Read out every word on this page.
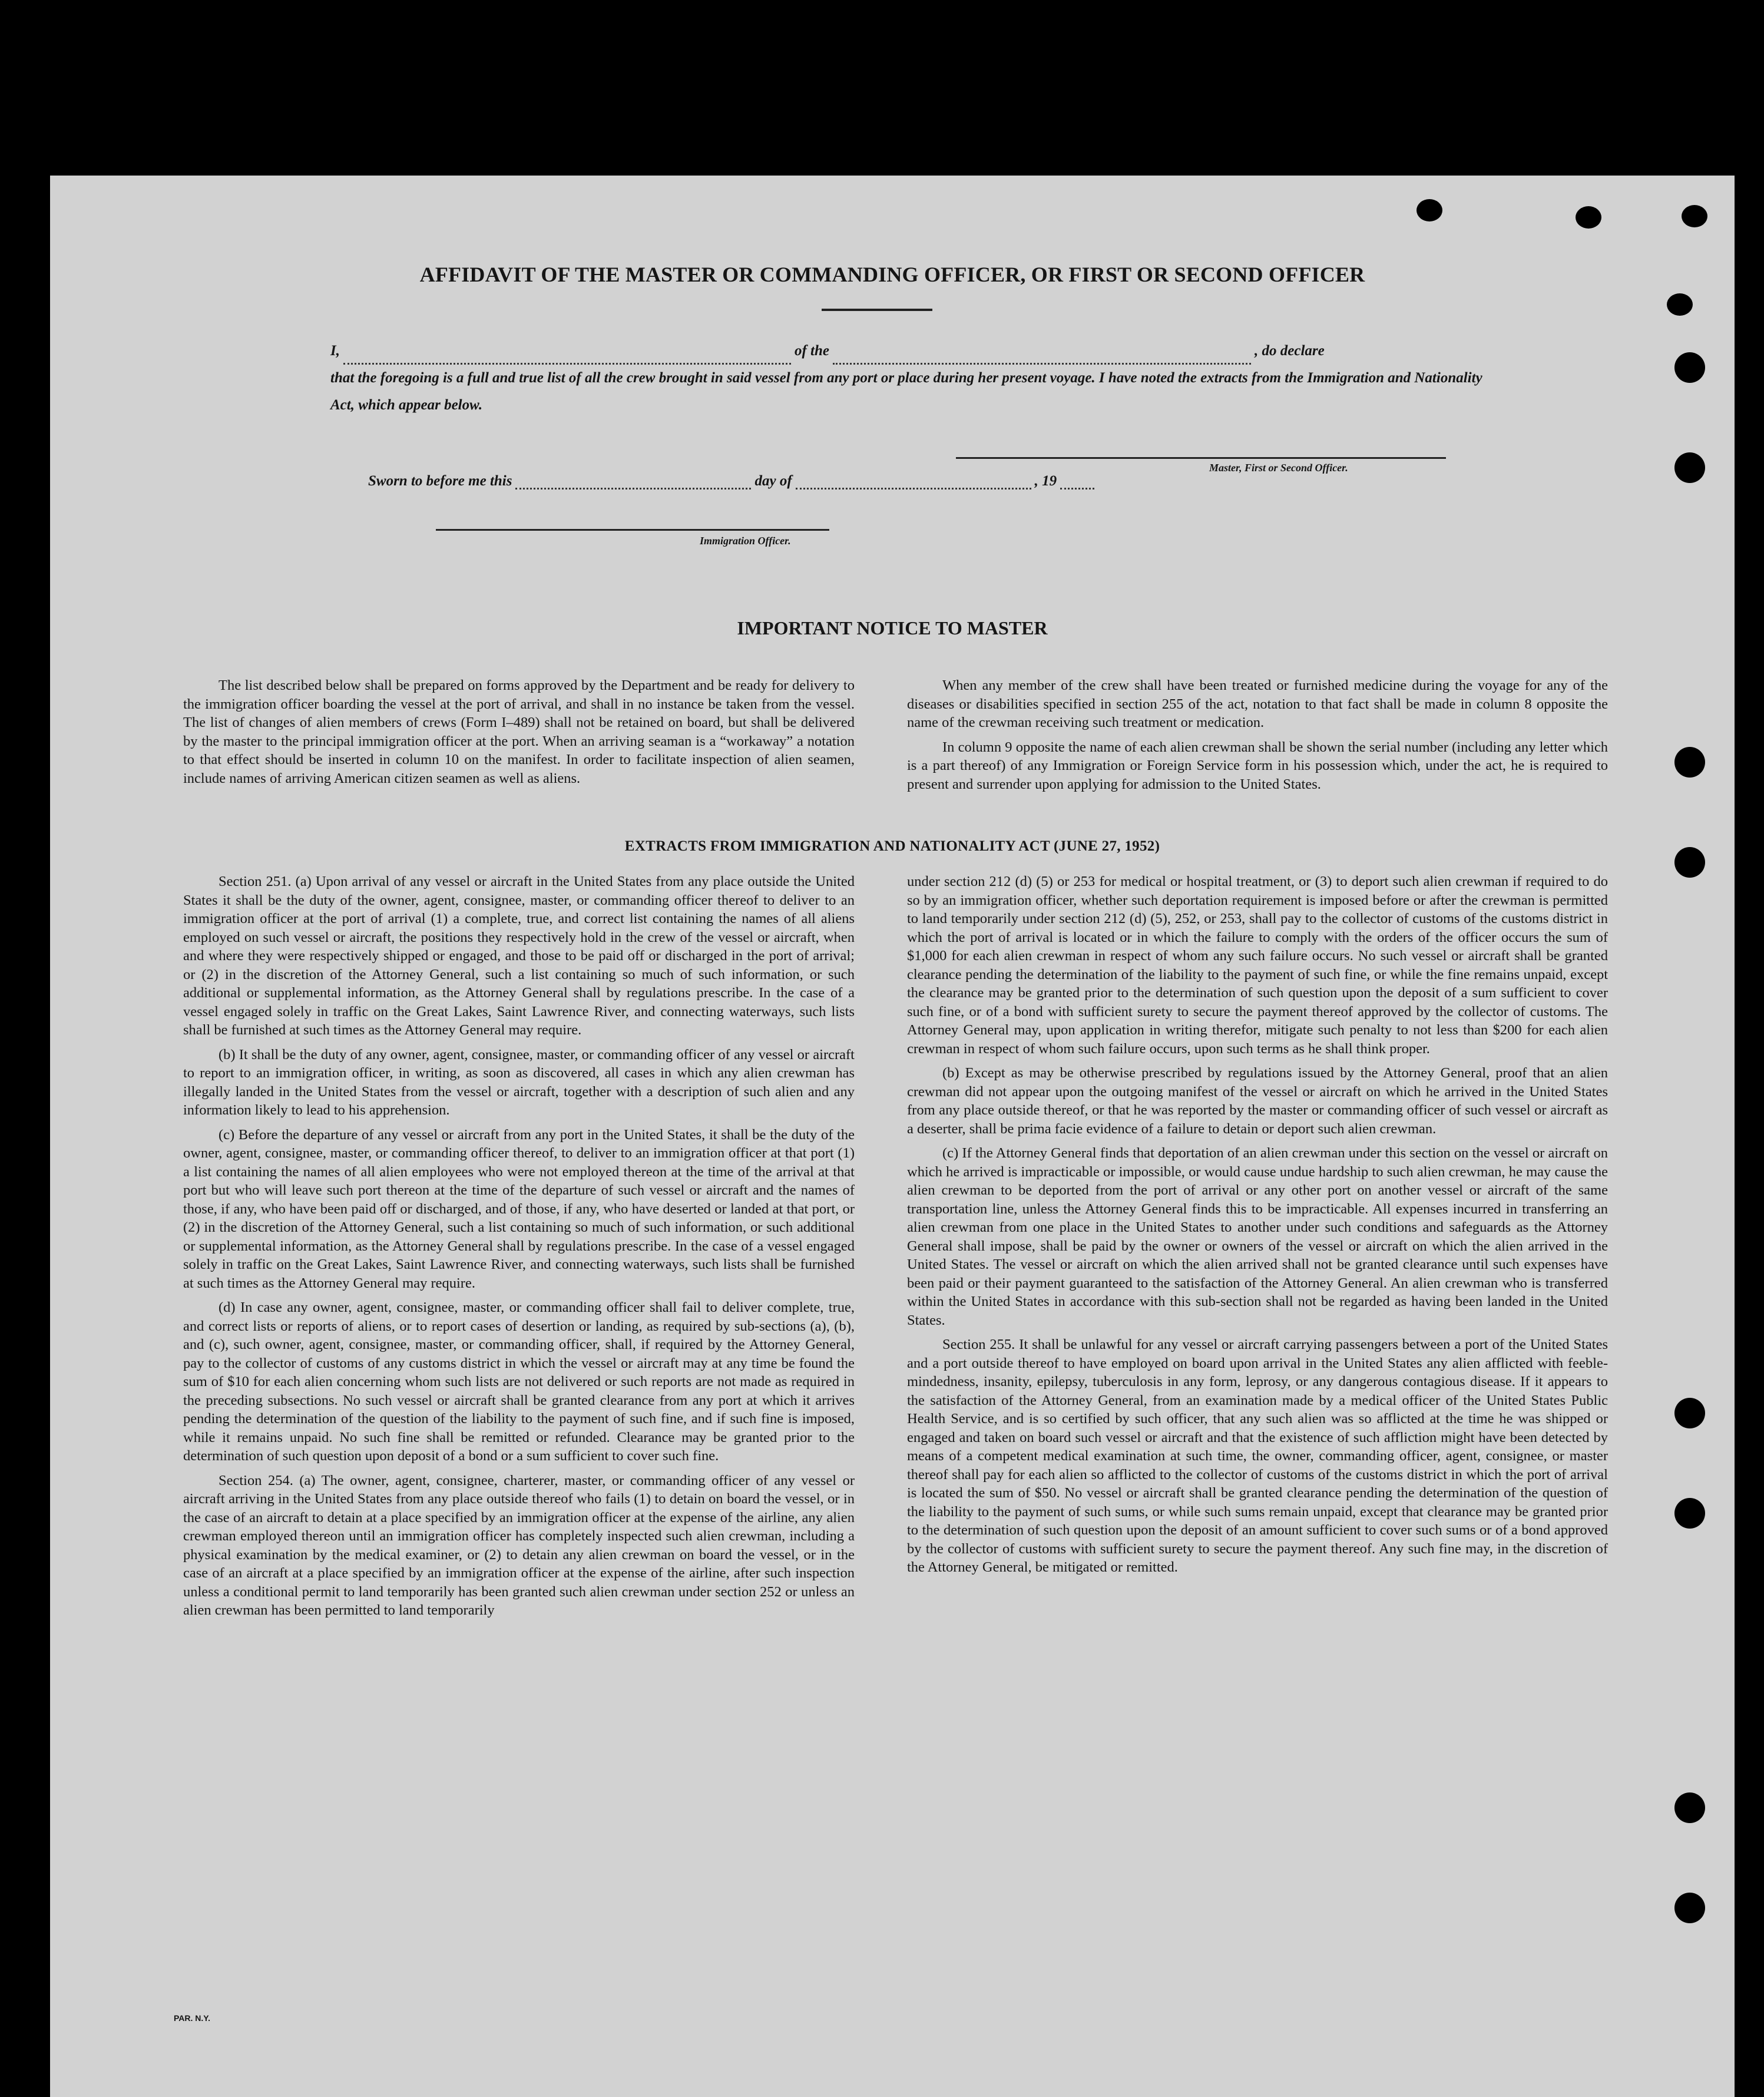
AFFIDAVIT OF THE MASTER OR COMMANDING OFFICER, OR FIRST OR SECOND OFFICER
I,	of the	, do declare
that the foregoing is a full and true list of all the crew brought in said vessel from any port or place during her present voyage. I have noted the extracts from the Immigration and Nationality Act, which appear below.
Master, First or Second Officer.
Sworn to before me this	day of	, 19
Immigration Officer.
IMPORTANT NOTICE TO MASTER

The list described below shall be prepared on forms approved by the Department and be ready for delivery to the immigration officer boarding the vessel at the port of arrival, and shall in no instance be taken from the vessel. The list of changes of alien members of crews (Form I–489) shall not be retained on board, but shall be delivered by the master to the principal immigration officer at the port. When an arriving seaman is a “workaway” a notation to that effect should be inserted in column 10 on the manifest. In order to facilitate inspection of alien seamen, include names of arriving American citizen seamen as well as aliens.

When any member of the crew shall have been treated or furnished medicine during the voyage for any of the diseases or disabilities specified in section 255 of the act, notation to that fact shall be made in column 8 opposite the name of the crewman receiving such treatment or medication.

In column 9 opposite the name of each alien crewman shall be shown the serial number (including any letter which is a part thereof) of any Immigration or Foreign Service form in his possession which, under the act, he is required to present and surrender upon applying for admission to the United States.

EXTRACTS FROM IMMIGRATION AND NATIONALITY ACT (JUNE 27, 1952)

Section 251. (a) Upon arrival of any vessel or aircraft in the United States from any place outside the United States it shall be the duty of the owner, agent, consignee, master, or commanding officer thereof to deliver to an immigration officer at the port of arrival (1) a complete, true, and correct list containing the names of all aliens employed on such vessel or aircraft, the positions they respectively hold in the crew of the vessel or aircraft, when and where they were respectively shipped or engaged, and those to be paid off or discharged in the port of arrival; or (2) in the discretion of the Attorney General, such a list containing so much of such information, or such additional or supplemental information, as the Attorney General shall by regulations prescribe. In the case of a vessel engaged solely in traffic on the Great Lakes, Saint Lawrence River, and connecting waterways, such lists shall be furnished at such times as the Attorney General may require.

(b) It shall be the duty of any owner, agent, consignee, master, or commanding officer of any vessel or aircraft to report to an immigration officer, in writing, as soon as discovered, all cases in which any alien crewman has illegally landed in the United States from the vessel or aircraft, together with a description of such alien and any information likely to lead to his apprehension.

(c) Before the departure of any vessel or aircraft from any port in the United States, it shall be the duty of the owner, agent, consignee, master, or commanding officer thereof, to deliver to an immigration officer at that port (1) a list containing the names of all alien employees who were not employed thereon at the time of the arrival at that port but who will leave such port thereon at the time of the departure of such vessel or aircraft and the names of those, if any, who have been paid off or discharged, and of those, if any, who have deserted or landed at that port, or (2) in the discretion of the Attorney General, such a list containing so much of such information, or such additional or supplemental information, as the Attorney General shall by regulations prescribe. In the case of a vessel engaged solely in traffic on the Great Lakes, Saint Lawrence River, and connecting waterways, such lists shall be furnished at such times as the Attorney General may require.

(d) In case any owner, agent, consignee, master, or commanding officer shall fail to deliver complete, true, and correct lists or reports of aliens, or to report cases of desertion or landing, as required by sub-sections (a), (b), and (c), such owner, agent, consignee, master, or commanding officer, shall, if required by the Attorney General, pay to the collector of customs of any customs district in which the vessel or aircraft may at any time be found the sum of $10 for each alien concerning whom such lists are not delivered or such reports are not made as required in the preceding subsections. No such vessel or aircraft shall be granted clearance from any port at which it arrives pending the determination of the question of the liability to the payment of such fine, and if such fine is imposed, while it remains unpaid. No such fine shall be remitted or refunded. Clearance may be granted prior to the determination of such question upon deposit of a bond or a sum sufficient to cover such fine.

Section 254. (a) The owner, agent, consignee, charterer, master, or commanding officer of any vessel or aircraft arriving in the United States from any place outside thereof who fails (1) to detain on board the vessel, or in the case of an aircraft to detain at a place specified by an immigration officer at the expense of the airline, any alien crewman employed thereon until an immigration officer has completely inspected such alien crewman, including a physical examination by the medical examiner, or (2) to detain any alien crewman on board the vessel, or in the case of an aircraft at a place specified by an immigration officer at the expense of the airline, after such inspection unless a conditional permit to land temporarily has been granted such alien crewman under section 252 or unless an alien crewman has been permitted to land temporarily

under section 212 (d) (5) or 253 for medical or hospital treatment, or (3) to deport such alien crewman if required to do so by an immigration officer, whether such deportation requirement is imposed before or after the crewman is permitted to land temporarily under section 212 (d) (5), 252, or 253, shall pay to the collector of customs of the customs district in which the port of arrival is located or in which the failure to comply with the orders of the officer occurs the sum of $1,000 for each alien crewman in respect of whom any such failure occurs. No such vessel or aircraft shall be granted clearance pending the determination of the liability to the payment of such fine, or while the fine remains unpaid, except the clearance may be granted prior to the determination of such question upon the deposit of a sum sufficient to cover such fine, or of a bond with sufficient surety to secure the payment thereof approved by the collector of customs. The Attorney General may, upon application in writing therefor, mitigate such penalty to not less than $200 for each alien crewman in respect of whom such failure occurs, upon such terms as he shall think proper.

(b) Except as may be otherwise prescribed by regulations issued by the Attorney General, proof that an alien crewman did not appear upon the outgoing manifest of the vessel or aircraft on which he arrived in the United States from any place outside thereof, or that he was reported by the master or commanding officer of such vessel or aircraft as a deserter, shall be prima facie evidence of a failure to detain or deport such alien crewman.

(c) If the Attorney General finds that deportation of an alien crewman under this section on the vessel or aircraft on which he arrived is impracticable or impossible, or would cause undue hardship to such alien crewman, he may cause the alien crewman to be deported from the port of arrival or any other port on another vessel or aircraft of the same transportation line, unless the Attorney General finds this to be impracticable. All expenses incurred in transferring an alien crewman from one place in the United States to another under such conditions and safeguards as the Attorney General shall impose, shall be paid by the owner or owners of the vessel or aircraft on which the alien arrived in the United States. The vessel or aircraft on which the alien arrived shall not be granted clearance until such expenses have been paid or their payment guaranteed to the satisfaction of the Attorney General. An alien crewman who is transferred within the United States in accordance with this sub-section shall not be regarded as having been landed in the United States.

Section 255. It shall be unlawful for any vessel or aircraft carrying passengers between a port of the United States and a port outside thereof to have employed on board upon arrival in the United States any alien afflicted with feeble-mindedness, insanity, epilepsy, tuberculosis in any form, leprosy, or any dangerous contagious disease. If it appears to the satisfaction of the Attorney General, from an examination made by a medical officer of the United States Public Health Service, and is so certified by such officer, that any such alien was so afflicted at the time he was shipped or engaged and taken on board such vessel or aircraft and that the existence of such affliction might have been detected by means of a competent medical examination at such time, the owner, commanding officer, agent, consignee, or master thereof shall pay for each alien so afflicted to the collector of customs of the customs district in which the port of arrival is located the sum of $50. No vessel or aircraft shall be granted clearance pending the determination of the question of the liability to the payment of such sums, or while such sums remain unpaid, except that clearance may be granted prior to the determination of such question upon the deposit of an amount sufficient to cover such sums or of a bond approved by the collector of customs with sufficient surety to secure the payment thereof. Any such fine may, in the discretion of the Attorney General, be mitigated or remitted.

PAR. N.Y.
